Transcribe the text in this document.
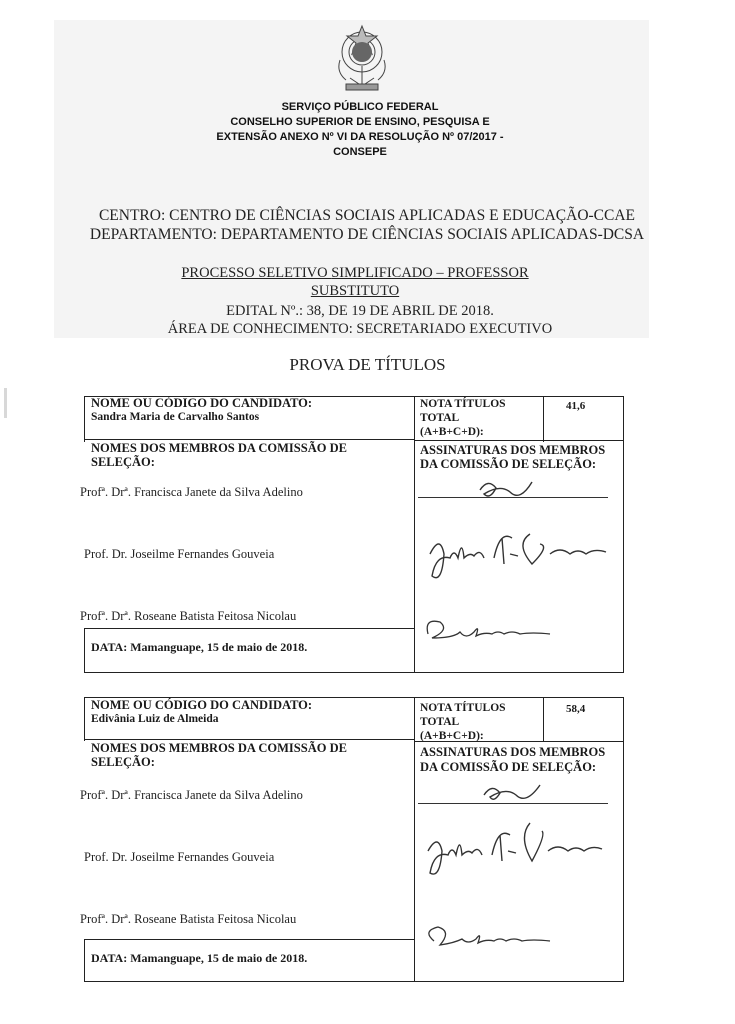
SERVIÇO PÚBLICO FEDERAL
CONSELHO SUPERIOR DE ENSINO, PESQUISA E
EXTENSÃO ANEXO Nº VI DA RESOLUÇÃO Nº 07/2017 -
CONSEPE
CENTRO: CENTRO DE CIÊNCIAS SOCIAIS APLICADAS E EDUCAÇÃO-CCAE
DEPARTAMENTO: DEPARTAMENTO DE CIÊNCIAS SOCIAIS APLICADAS-DCSA
PROCESSO SELETIVO SIMPLIFICADO – PROFESSOR
SUBSTITUTO
EDITAL Nº.: 38, DE 19 DE ABRIL DE 2018.
ÁREA DE CONHECIMENTO: SECRETARIADO EXECUTIVO
PROVA DE TÍTULOS
NOME OU CÓDIGO DO CANDIDATO:
Sandra Maria de Carvalho Santos
NOTA TÍTULOS
TOTAL
(A+B+C+D):
41,6
NOMES DOS MEMBROS DA COMISSÃO DE
SELEÇÃO:
ASSINATURAS DOS MEMBROS
DA COMISSÃO DE SELEÇÃO:
Profª. Drª. Francisca Janete da Silva Adelino
Prof. Dr. Joseilme Fernandes Gouveia
Profª. Drª. Roseane Batista Feitosa Nicolau
DATA: Mamanguape, 15 de maio de 2018.
NOME OU CÓDIGO DO CANDIDATO:
Edivânia Luiz de Almeida
NOTA TÍTULOS
TOTAL
(A+B+C+D):
58,4
NOMES DOS MEMBROS DA COMISSÃO DE
SELEÇÃO:
ASSINATURAS DOS MEMBROS
DA COMISSÃO DE SELEÇÃO:
Profª. Drª. Francisca Janete da Silva Adelino
Prof. Dr. Joseilme Fernandes Gouveia
Profª. Drª. Roseane Batista Feitosa Nicolau
DATA: Mamanguape, 15 de maio de 2018.
